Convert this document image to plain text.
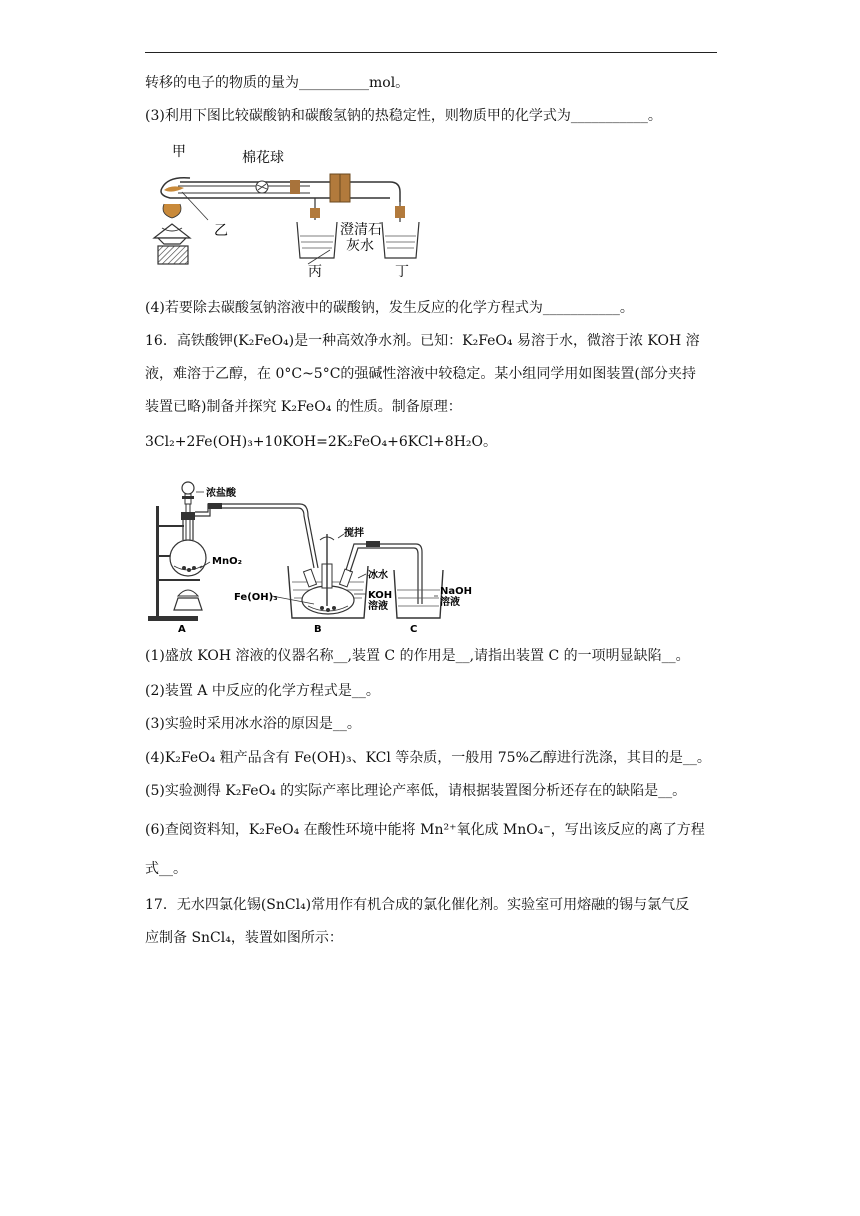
转移的电子的物质的量为__________mol。
(3)利用下图比较碳酸钠和碳酸氢钠的热稳定性，则物质甲的化学式为___________。
甲	棉花球
乙	澄清石
灰水
丙	丁
(4)若要除去碳酸氢钠溶液中的碳酸钠，发生反应的化学方程式为___________。
16．高铁酸钾(K₂FeO₄)是一种高效净水剂。已知：K₂FeO₄ 易溶于水，微溶于浓 KOH 溶
液，难溶于乙醇，在 0°C~5°C的强碱性溶液中较稳定。某小组同学用如图装置(部分夹持
装置已略)制备并探究 K₂FeO₄ 的性质。制备原理：
3Cl₂+2Fe(OH)₃+10KOH=2K₂FeO₄+6KCl+8H₂O。
浓盐酸
MnO₂
搅拌
冰水
Fe(OH)₃	KOH
溶液
NaOH
溶液
A	B	C
(1)盛放 KOH 溶液的仪器名称__,装置 C 的作用是__,请指出装置 C 的一项明显缺陷__。
(2)装置 A 中反应的化学方程式是__。
(3)实验时采用冰水浴的原因是__。
(4)K₂FeO₄ 粗产品含有 Fe(OH)₃、KCl 等杂质，一般用 75%乙醇进行洗涤，其目的是__。
(5)实验测得 K₂FeO₄ 的实际产率比理论产率低，请根据装置图分析还存在的缺陷是__。
(6)查阅资料知，K₂FeO₄ 在酸性环境中能将 Mn²⁺氧化成 MnO₄⁻，写出该反应的离了方程
式__。
17．无水四氯化锡(SnCl₄)常用作有机合成的氯化催化剂。实验室可用熔融的锡与氯气反
应制备 SnCl₄，装置如图所示：
